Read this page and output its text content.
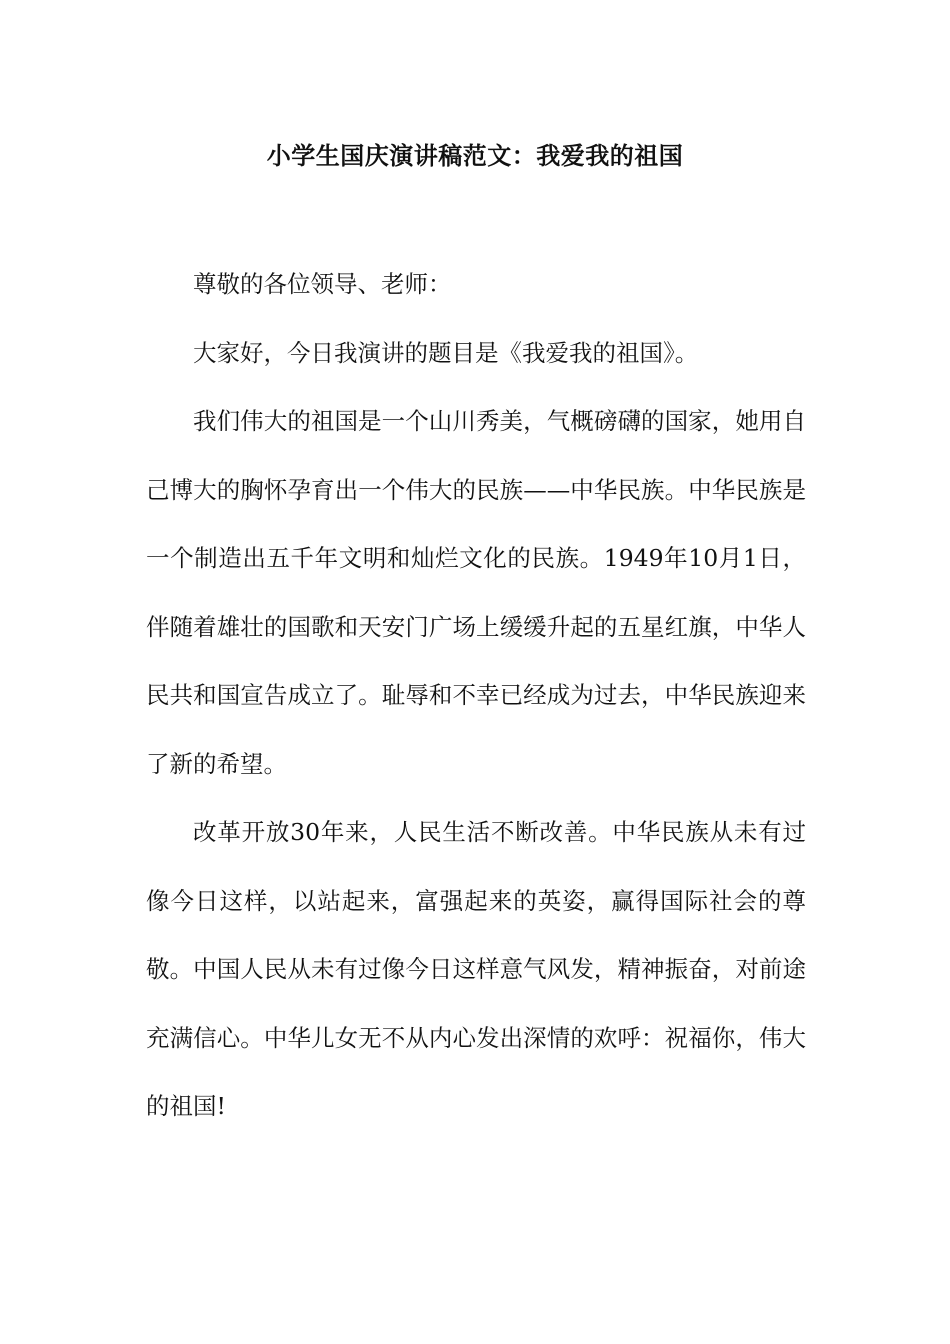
小学生国庆演讲稿范文：我爱我的祖国

尊敬的各位领导、老师：

大家好，今日我演讲的题目是《我爱我的祖国》。

我们伟大的祖国是一个山川秀美，气概磅礴的国家，她用自己博大的胸怀孕育出一个伟大的民族——中华民族。中华民族是一个制造出五千年文明和灿烂文化的民族。1949年10月1日，伴随着雄壮的国歌和天安门广场上缓缓升起的五星红旗，中华人民共和国宣告成立了。耻辱和不幸已经成为过去，中华民族迎来了新的希望。

改革开放30年来，人民生活不断改善。中华民族从未有过像今日这样，以站起来，富强起来的英姿，赢得国际社会的尊敬。中国人民从未有过像今日这样意气风发，精神振奋，对前途充满信心。中华儿女无不从内心发出深情的欢呼：祝福你，伟大的祖国!
